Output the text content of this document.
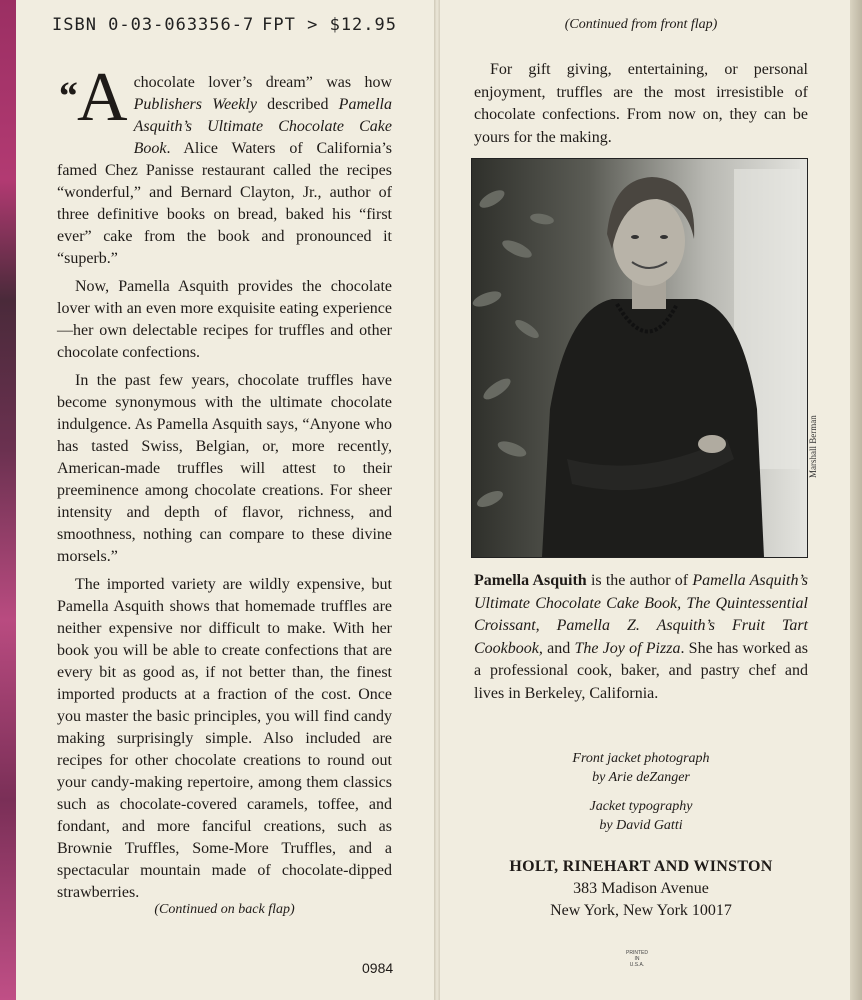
ISBN 0-03-063356-7 FPT > $12.95

“A chocolate lover’s dream” was how Publishers Weekly described Pamella Asquith’s Ultimate Chocolate Cake Book. Alice Waters of California’s famed Chez Panisse restaurant called the recipes “wonderful,” and Bernard Clayton, Jr., author of three definitive books on bread, baked his “first ever” cake from the book and pronounced it “superb.”

Now, Pamella Asquith provides the chocolate lover with an even more exquisite eating experience—her own delectable recipes for truffles and other chocolate confections.

In the past few years, chocolate truffles have become synonymous with the ultimate chocolate indulgence. As Pamella Asquith says, “Anyone who has tasted Swiss, Belgian, or, more recently, American-made truffles will attest to their preeminence among chocolate creations. For sheer intensity and depth of flavor, richness, and smoothness, nothing can compare to these divine morsels.”

The imported variety are wildly expensive, but Pamella Asquith shows that homemade truffles are neither expensive nor difficult to make. With her book you will be able to create confections that are every bit as good as, if not better than, the finest imported products at a fraction of the cost. Once you master the basic principles, you will find candy making surprisingly simple. Also included are recipes for other chocolate creations to round out your candy-making repertoire, among them classics such as chocolate-covered caramels, toffee, and fondant, and more fanciful creations, such as Brownie Truffles, Some-More Truffles, and a spectacular mountain made of chocolate-dipped strawberries.

(Continued on back flap)
0984
(Continued from front flap)

For gift giving, entertaining, or personal enjoyment, truffles are the most irresistible of chocolate confections. From now on, they can be yours for the making.

Marshall Berman
Pamella Asquith is the author of Pamella Asquith’s Ultimate Chocolate Cake Book, The Quintessential Croissant, Pamella Z. Asquith’s Fruit Tart Cookbook, and The Joy of Pizza. She has worked as a professional cook, baker, and pastry chef and lives in Berkeley, California.
Front jacket photograph
by Arie deZanger
Jacket typography
by David Gatti
HOLT, RINEHART AND WINSTON
383 Madison Avenue
New York, New York 10017
PRINTED
IN
U.S.A.
